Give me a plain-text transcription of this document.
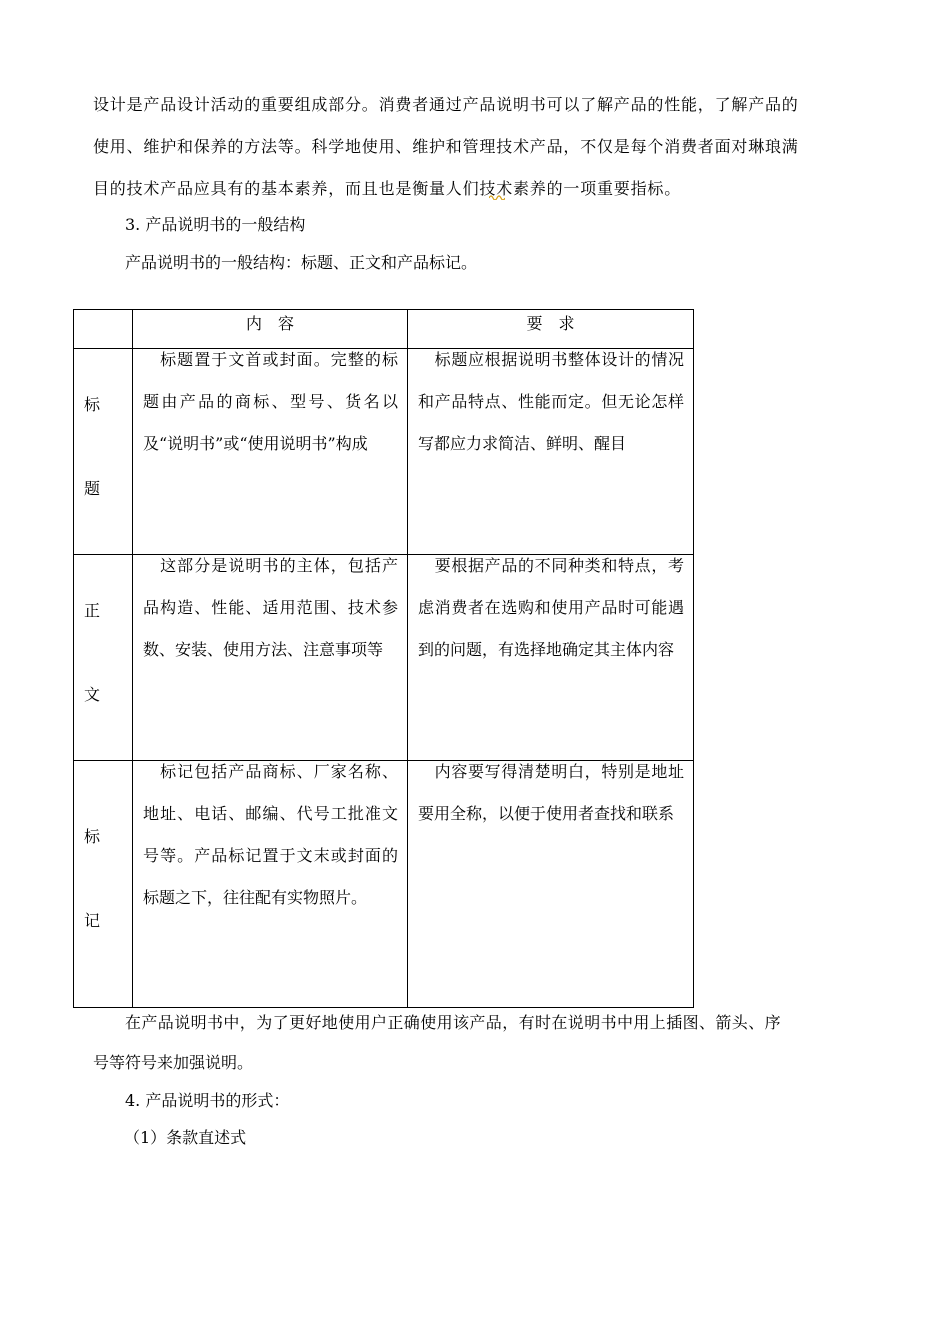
设计是产品设计活动的重要组成部分。消费者通过产品说明书可以了解产品的性能，了解产品的
使用、维护和保养的方法等。科学地使用、维护和管理技术产品，不仅是每个消费者面对琳琅满
目的技术产品应具有的基本素养，而且也是衡量人们技术素养的一项重要指标。
3. 产品说明书的一般结构
产品说明书的一般结构：标题、正文和产品标记。
	内　容	要　求

标
题	标题置于文首或封面。完整的标题由产品的商标、型号、货名以及“说明书”或“使用说明书”构成	标题应根据说明书整体设计的情况和产品特点、性能而定。但无论怎样写都应力求简洁、鲜明、醒目

正
文	这部分是说明书的主体，包括产品构造、性能、适用范围、技术参数、安装、使用方法、注意事项等	要根据产品的不同种类和特点，考虑消费者在选购和使用产品时可能遇到的问题，有选择地确定其主体内容

标
记	标记包括产品商标、厂家名称、地址、电话、邮编、代号工批准文号等。产品标记置于文末或封面的标题之下，往往配有实物照片。	内容要写得清楚明白，特别是地址要用全称，以便于使用者查找和联系
在产品说明书中，为了更好地使用户正确使用该产品，有时在说明书中用上插图、箭头、序
号等符号来加强说明。
4. 产品说明书的形式：
（1）条款直述式
